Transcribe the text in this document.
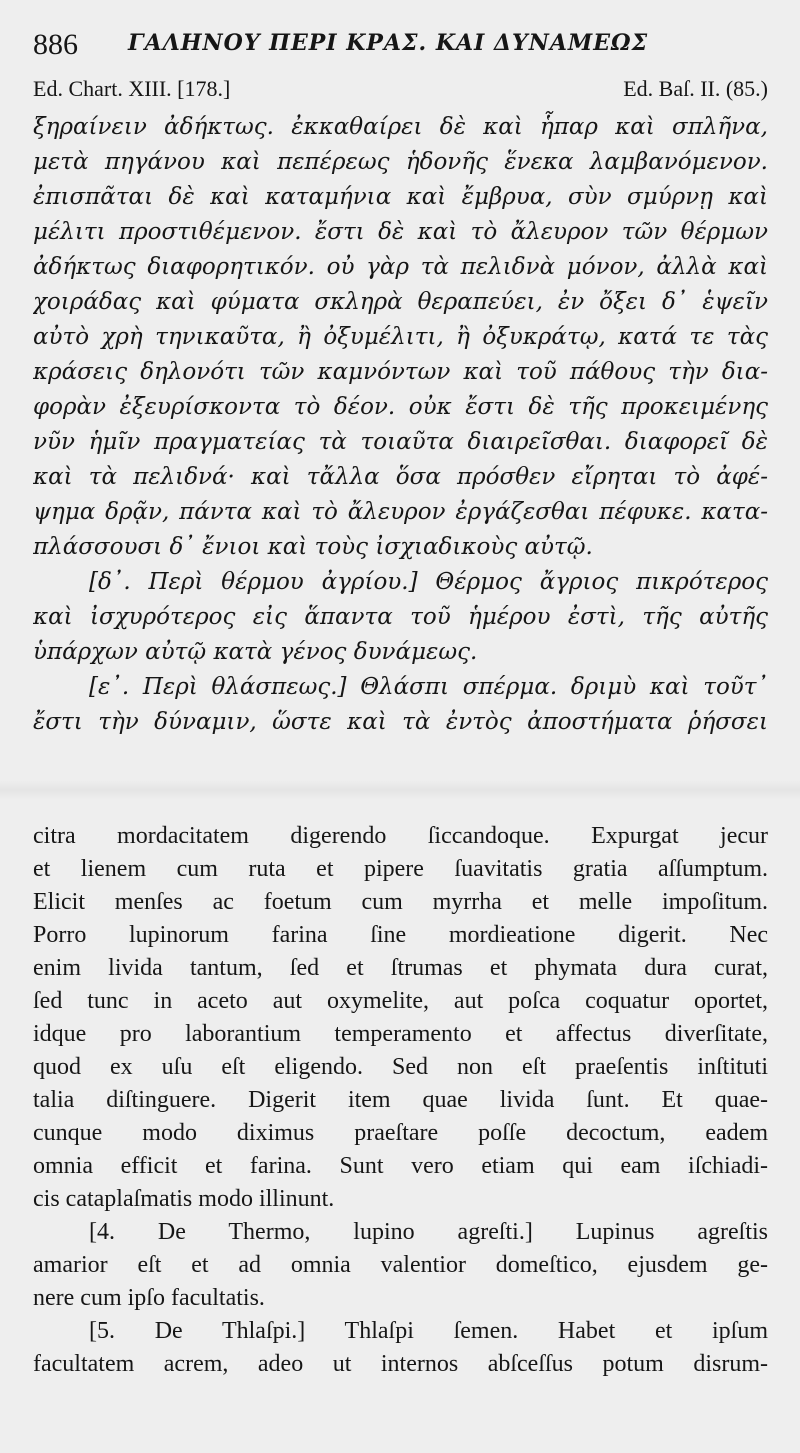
886 ΓΑΛΗΝΟΥ ΠΕΡΙ ΚΡΑΣ. ΚΑΙ ΔΥΝΑΜΕΩΣ
Ed. Chart. XIII. [178.]	Ed. Baſ. II. (85.)
ξηραίνειν ἀδήκτως. ἐκκαθαίρει δὲ καὶ ἧπαρ καὶ σπλῆνα,
μετὰ πηγάνου καὶ πεπέρεως ἡδονῆς ἕνεκα λαμβανόμενον.
ἐπισπᾶται δὲ καὶ καταμήνια καὶ ἔμβρυα, σὺν σμύρνῃ καὶ
μέλιτι προστιθέμενον. ἔστι δὲ καὶ τὸ ἄλευρον τῶν θέρμων
ἀδήκτως διαφορητικόν. οὐ γὰρ τὰ πελιδνὰ μόνον, ἀλλὰ καὶ
χοιράδας καὶ φύματα σκληρὰ θεραπεύει, ἐν ὄξει δ᾽ ἑψεῖν
αὐτὸ χρὴ τηνικαῦτα, ἢ ὀξυμέλιτι, ἢ ὀξυκράτῳ, κατά τε τὰς
κράσεις δηλονότι τῶν καμνόντων καὶ τοῦ πάθους τὴν δια-
φορὰν ἐξευρίσκοντα τὸ δέον. οὐκ ἔστι δὲ τῆς προκειμένης
νῦν ἡμῖν πραγματείας τὰ τοιαῦτα διαιρεῖσθαι. διαφορεῖ δὲ
καὶ τὰ πελιδνά· καὶ τἄλλα ὅσα πρόσθεν εἴρηται τὸ ἀφέ-
ψημα δρᾷν, πάντα καὶ τὸ ἄλευρον ἐργάζεσθαι πέφυκε. κατα-
πλάσσουσι δ᾽ ἔνιοι καὶ τοὺς ἰσχιαδικοὺς αὐτῷ.
[δ᾽. Περὶ θέρμου ἀγρίου.] Θέρμος ἄγριος πικρότερος
καὶ ἰσχυρότερος εἰς ἅπαντα τοῦ ἡμέρου ἐστὶ, τῆς αὐτῆς
ὑπάρχων αὐτῷ κατὰ γένος δυνάμεως.
[ε᾽. Περὶ θλάσπεως.] Θλάσπι σπέρμα. δριμὺ καὶ τοῦτ᾽
ἔστι τὴν δύναμιν, ὥστε καὶ τὰ ἐντὸς ἀποστήματα ῥήσσει
citra mordacitatem digerendo ſiccandoque. Expurgat jecur
et lienem cum ruta et pipere ſuavitatis gratia aſſumptum.
Elicit menſes ac foetum cum myrrha et melle impoſitum.
Porro lupinorum farina ſine mordieatione digerit. Nec
enim livida tantum, ſed et ſtrumas et phymata dura curat,
ſed tunc in aceto aut oxymelite, aut poſca coquatur oportet,
idque pro laborantium temperamento et affectus diverſitate,
quod ex uſu eſt eligendo. Sed non eſt praeſentis inſtituti
talia diſtinguere. Digerit item quae livida ſunt. Et quae-
cunque modo diximus praeſtare poſſe decoctum, eadem
omnia efficit et farina. Sunt vero etiam qui eam iſchiadi-
cis cataplaſmatis modo illinunt.
[4. De Thermo, lupino agreſti.] Lupinus agreſtis
amarior eſt et ad omnia valentior domeſtico, ejusdem ge-
nere cum ipſo facultatis.
[5. De Thlaſpi.] Thlaſpi ſemen. Habet et ipſum
facultatem acrem, adeo ut internos abſceſſus potum disrum-
